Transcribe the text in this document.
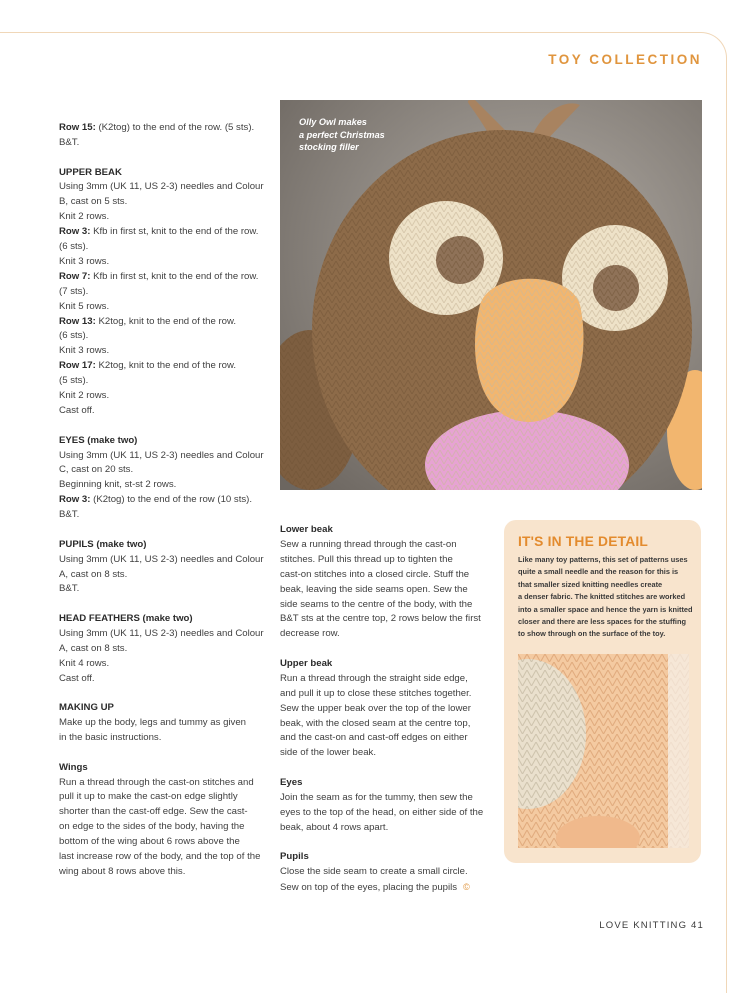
TOY COLLECTION
Row 15: (K2tog) to the end of the row. (5 sts).
B&T.
UPPER BEAK
Using 3mm (UK 11, US 2-3) needles and Colour
B, cast on 5 sts.
Knit 2 rows.
Row 3: Kfb in first st, knit to the end of the row.
(6 sts).
Knit 3 rows.
Row 7: Kfb in first st, knit to the end of the row.
(7 sts).
Knit 5 rows.
Row 13: K2tog, knit to the end of the row.
(6 sts).
Knit 3 rows.
Row 17: K2tog, knit to the end of the row.
(5 sts).
Knit 2 rows.
Cast off.
EYES (make two)
Using 3mm (UK 11, US 2-3) needles and Colour
C, cast on 20 sts.
Beginning knit, st-st 2 rows.
Row 3: (K2tog) to the end of the row (10 sts).
B&T.
PUPILS (make two)
Using 3mm (UK 11, US 2-3) needles and Colour
A, cast on 8 sts.
B&T.
HEAD FEATHERS (make two)
Using 3mm (UK 11, US 2-3) needles and Colour
A, cast on 8 sts.
Knit 4 rows.
Cast off.
MAKING UP
Make up the body, legs and tummy as given
in the basic instructions.
Wings
Run a thread through the cast-on stitches and
pull it up to make the cast-on edge slightly
shorter than the cast-off edge. Sew the cast-
on edge to the sides of the body, having the
bottom of the wing about 6 rows above the
last increase row of the body, and the top of the
wing about 8 rows above this.
Lower beak
Sew a running thread through the cast-on
stitches. Pull this thread up to tighten the
cast-on stitches into a closed circle. Stuff the
beak, leaving the side seams open. Sew the
side seams to the centre of the body, with the
B&T sts at the centre top, 2 rows below the first
decrease row.
Upper beak
Run a thread through the straight side edge,
and pull it up to close these stitches together.
Sew the upper beak over the top of the lower
beak, with the closed seam at the centre top,
and the cast-on and cast-off edges on either
side of the lower beak.
Eyes
Join the seam as for the tummy, then sew the
eyes to the top of the head, on either side of the
beak, about 4 rows apart.
Pupils
Close the side seam to create a small circle.
Sew on top of the eyes, placing the pupils ©
Olly Owl makes
a perfect Christmas
stocking filler
IT'S IN THE DETAIL
Like many toy patterns, this set of patterns uses
quite a small needle and the reason for this is
that smaller sized knitting needles create
a denser fabric. The knitted stitches are worked
into a smaller space and hence the yarn is knitted
closer and there are less spaces for the stuffing
to show through on the surface of the toy.
LOVE KNITTING 41
